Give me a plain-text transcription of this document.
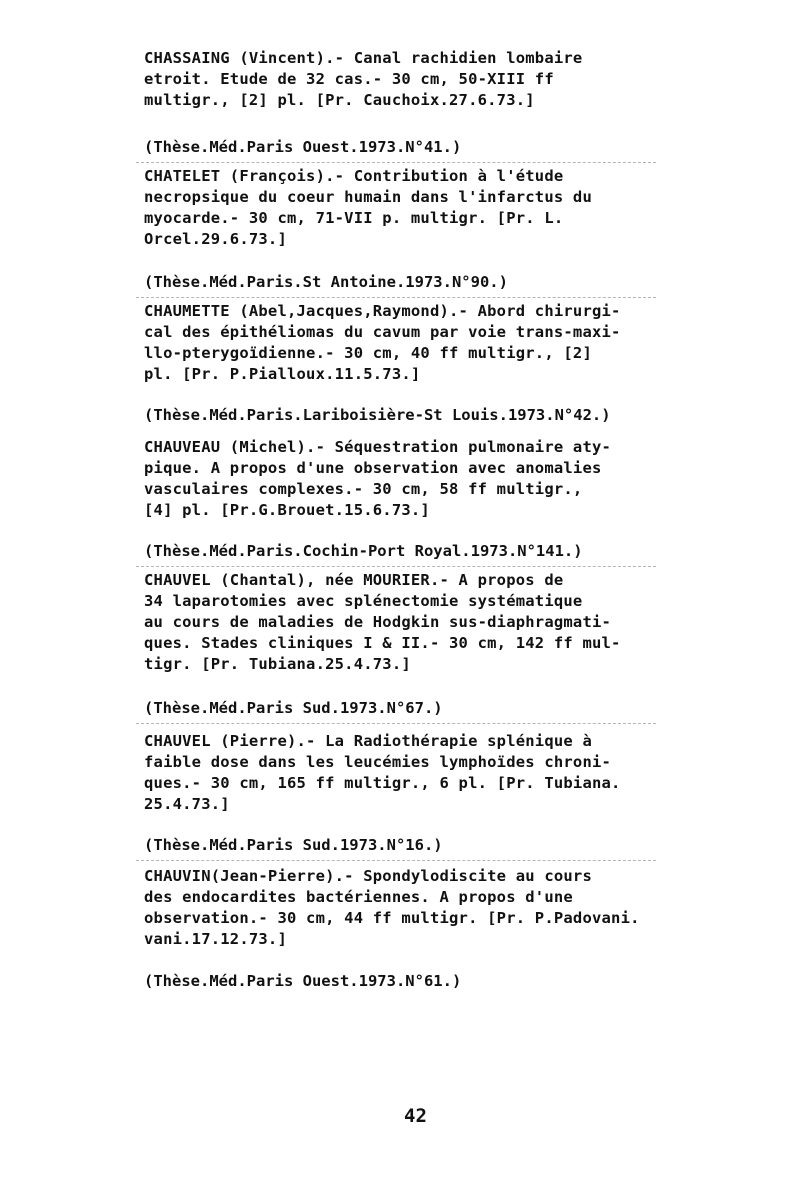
CHASSAING (Vincent).- Canal rachidien lombaire
etroit. Etude de 32 cas.- 30 cm, 50-XIII ff
multigr., [2] pl. [Pr. Cauchoix.27.6.73.]

(Thèse.Méd.Paris Ouest.1973.N°41.)

CHATELET (François).- Contribution à l'étude
necropsique du coeur humain dans l'infarctus du
myocarde.- 30 cm, 71-VII p. multigr. [Pr. L.
Orcel.29.6.73.]

(Thèse.Méd.Paris.St Antoine.1973.N°90.)

CHAUMETTE (Abel,Jacques,Raymond).- Abord chirurgi-
cal des épithéliomas du cavum par voie trans-maxi-
llo-pterygoïdienne.- 30 cm, 40 ff multigr., [2]
pl. [Pr. P.Pialloux.11.5.73.]

(Thèse.Méd.Paris.Lariboisière-St Louis.1973.N°42.)

CHAUVEAU (Michel).- Séquestration pulmonaire aty-
pique. A propos d'une observation avec anomalies
vasculaires complexes.- 30 cm, 58 ff multigr.,
[4] pl. [Pr.G.Brouet.15.6.73.]

(Thèse.Méd.Paris.Cochin-Port Royal.1973.N°141.)

CHAUVEL (Chantal), née MOURIER.- A propos de
34 laparotomies avec splénectomie systématique
au cours de maladies de Hodgkin sus-diaphragmati-
ques. Stades cliniques I & II.- 30 cm, 142 ff mul-
tigr. [Pr. Tubiana.25.4.73.]

(Thèse.Méd.Paris Sud.1973.N°67.)

CHAUVEL (Pierre).- La Radiothérapie splénique à
faible dose dans les leucémies lymphoïdes chroni-
ques.- 30 cm, 165 ff multigr., 6 pl. [Pr. Tubiana.
25.4.73.]

(Thèse.Méd.Paris Sud.1973.N°16.)

CHAUVIN(Jean-Pierre).- Spondylodiscite au cours
des endocardites bactériennes. A propos d'une
observation.- 30 cm, 44 ff multigr. [Pr. P.Padovani.
vani.17.12.73.]

(Thèse.Méd.Paris Ouest.1973.N°61.)

42
